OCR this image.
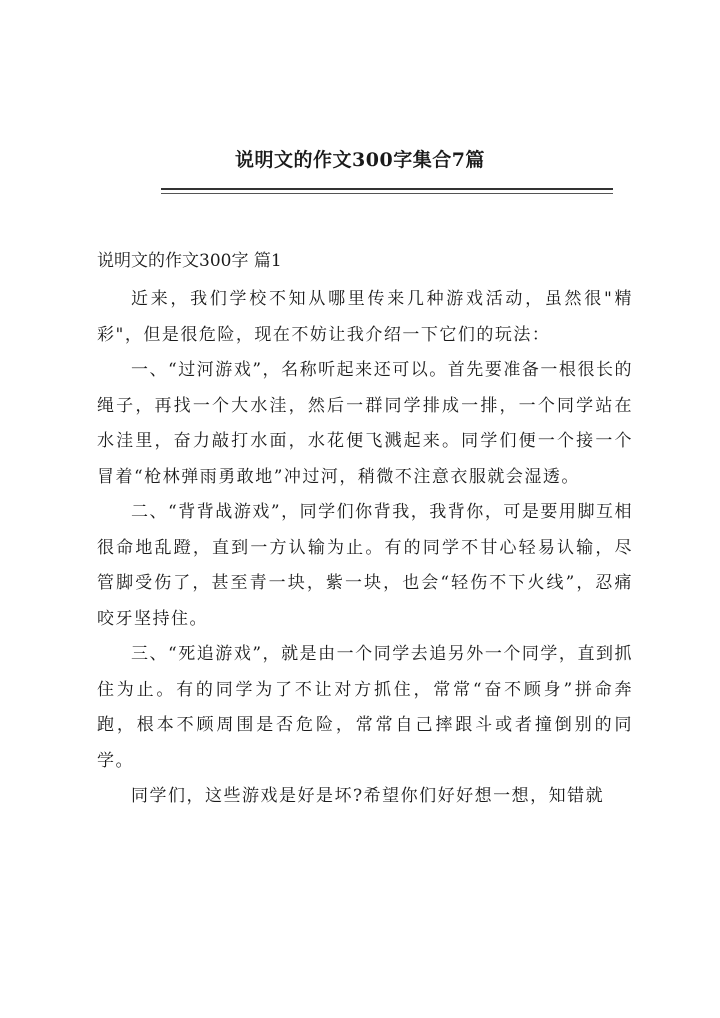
说明文的作文300字集合7篇
说明文的作文300字 篇1

近来，我们学校不知从哪里传来几种游戏活动，虽然很"精彩"，但是很危险，现在不妨让我介绍一下它们的玩法：

一、“过河游戏”，名称听起来还可以。首先要准备一根很长的绳子，再找一个大水洼，然后一群同学排成一排，一个同学站在水洼里，奋力敲打水面，水花便飞溅起来。同学们便一个接一个冒着“枪林弹雨勇敢地”冲过河，稍微不注意衣服就会湿透。

二、“背背战游戏”，同学们你背我，我背你，可是要用脚互相很命地乱蹬，直到一方认输为止。有的同学不甘心轻易认输，尽管脚受伤了，甚至青一块，紫一块，也会“轻伤不下火线”，忍痛咬牙坚持住。

三、“死追游戏”，就是由一个同学去追另外一个同学，直到抓住为止。有的同学为了不让对方抓住，常常“奋不顾身”拼命奔跑，根本不顾周围是否危险，常常自己摔跟斗或者撞倒别的同学。

同学们，这些游戏是好是坏?希望你们好好想一想，知错就
